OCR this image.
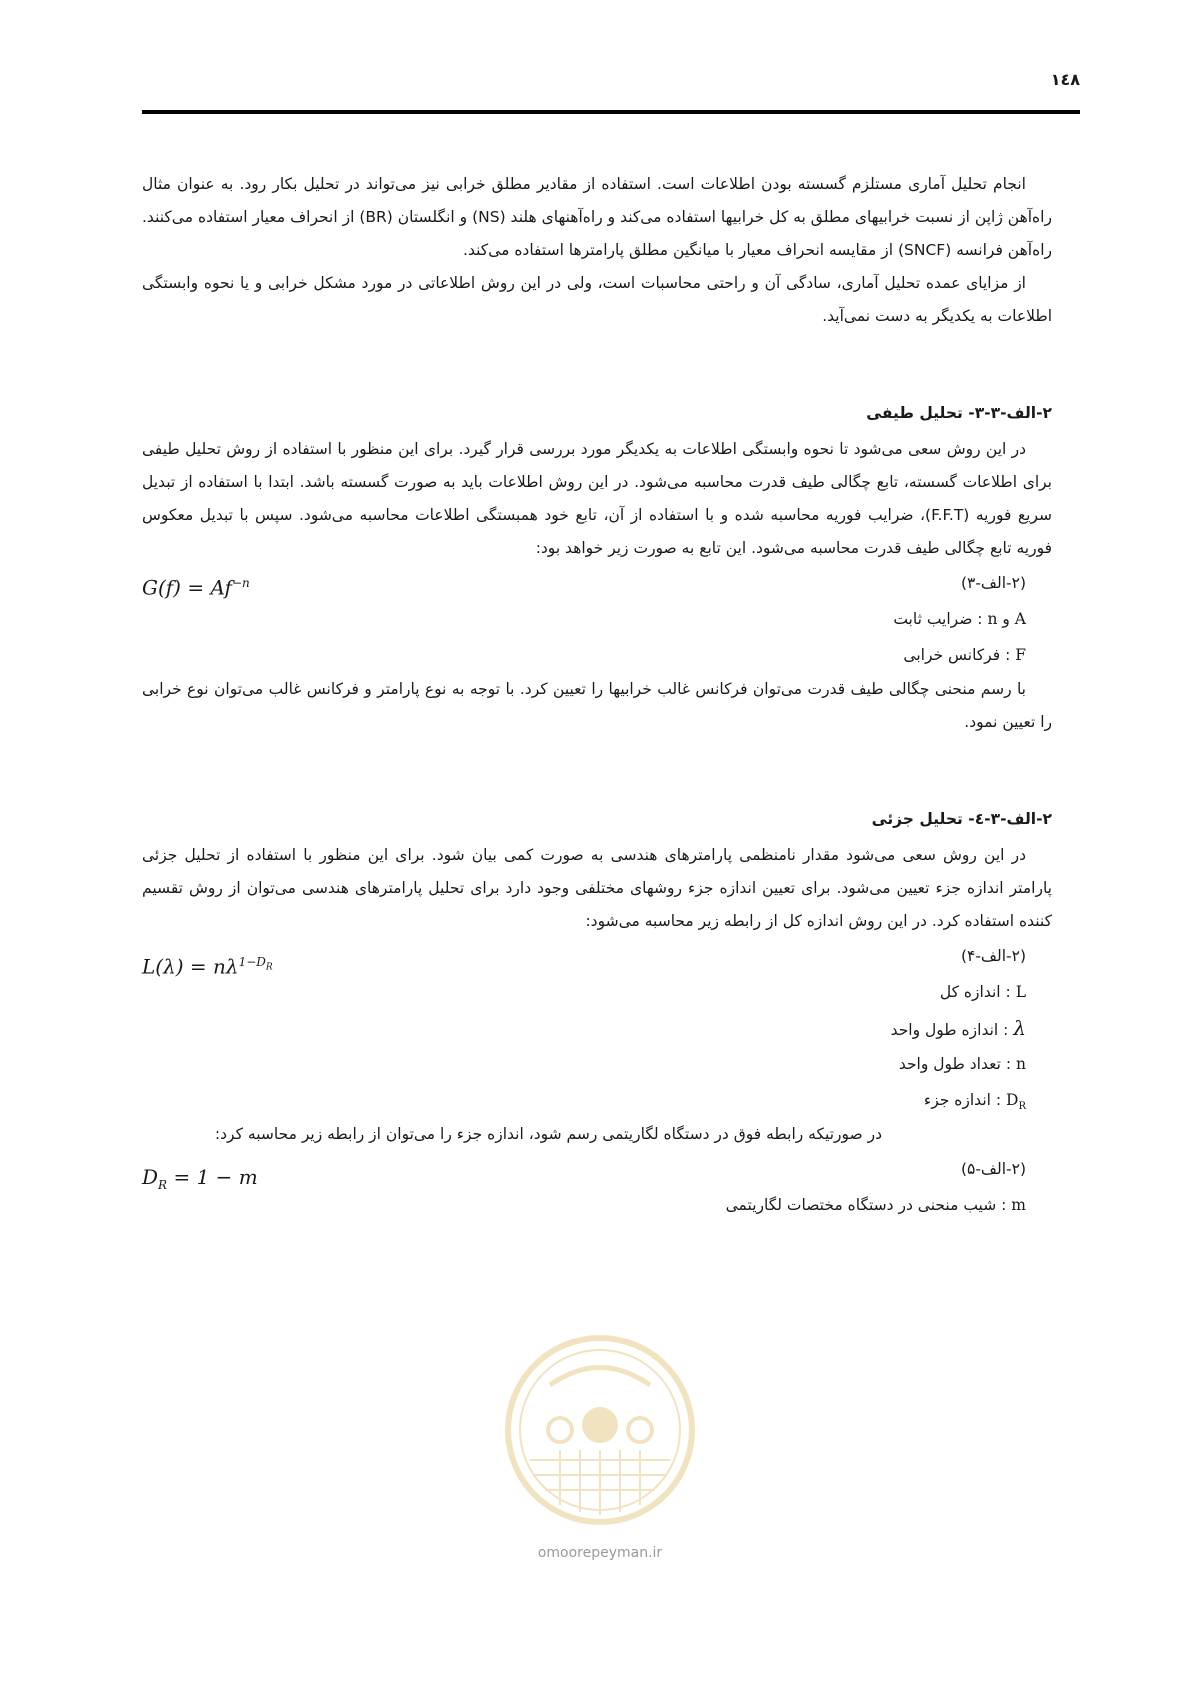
۱٤۸

انجام تحلیل آماری مستلزم گسسته بودن اطلاعات است. استفاده از مقادیر مطلق خرابی نیز می‌تواند در تحلیل بکار رود. به عنوان مثال راه‌آهن ژاپن از نسبت خرابیهای مطلق به کل خرابیها استفاده می‌کند و راه‌آهنهای هلند (NS) و انگلستان (BR) از انحراف معیار استفاده می‌کنند. راه‌آهن فرانسه (SNCF) از مقایسه انحراف معیار با میانگین مطلق پارامترها استفاده می‌کند.

از مزایای عمده تحلیل آماری، سادگی آن و راحتی محاسبات است، ولی در این روش اطلاعاتی در مورد مشکل خرابی و یا نحوه وابستگی اطلاعات به یکدیگر به دست نمی‌آید.

۲-الف-۳-۳- تحلیل طیفی

در این روش سعی می‌شود تا نحوه وابستگی اطلاعات به یکدیگر مورد بررسی قرار گیرد. برای این منظور با استفاده از روش تحلیل طیفی برای اطلاعات گسسته، تابع چگالی طیف قدرت محاسبه می‌شود. در این روش اطلاعات باید به صورت گسسته باشد. ابتدا با استفاده از تبدیل سریع فوریه (F.F.T)، ضرایب فوریه محاسبه شده و با استفاده از آن، تابع خود همبستگی اطلاعات محاسبه می‌شود. سپس با تبدیل معکوس فوریه تابع چگالی طیف قدرت محاسبه می‌شود. این تابع به صورت زیر خواهد بود:

(۲-الف-۳)
$G(f) = Af^{-n}$
A و n : ضرایب ثابت
F : فرکانس خرابی

با رسم منحنی چگالی طیف قدرت می‌توان فرکانس غالب خرابیها را تعیین کرد. با توجه به نوع پارامتر و فرکانس غالب می‌توان نوع خرابی را تعیین نمود.

۲-الف-۳-٤- تحلیل جزئی

در این روش سعی می‌شود مقدار نامنظمی پارامترهای هندسی به صورت کمی بیان شود. برای این منظور با استفاده از تحلیل جزئی پارامتر اندازه جزء تعیین می‌شود. برای تعیین اندازه جزء روشهای مختلفی وجود دارد برای تحلیل پارامترهای هندسی می‌توان از روش تقسیم کننده استفاده کرد. در این روش اندازه کل از رابطه زیر محاسبه می‌شود:

(۲-الف-۴)
$L(\lambda) = n\lambda^{1-D_R}$
L : اندازه کل
λ : اندازه طول واحد
n : تعداد طول واحد
$D_R$ : اندازه جزء

در صورتیکه رابطه فوق در دستگاه لگاریتمی رسم شود، اندازه جزء را می‌توان از رابطه زیر محاسبه کرد:

(۲-الف-۵)
$D_R = 1 - m$
m : شیب منحنی در دستگاه مختصات لگاریتمی
omoorepeyman.ir
